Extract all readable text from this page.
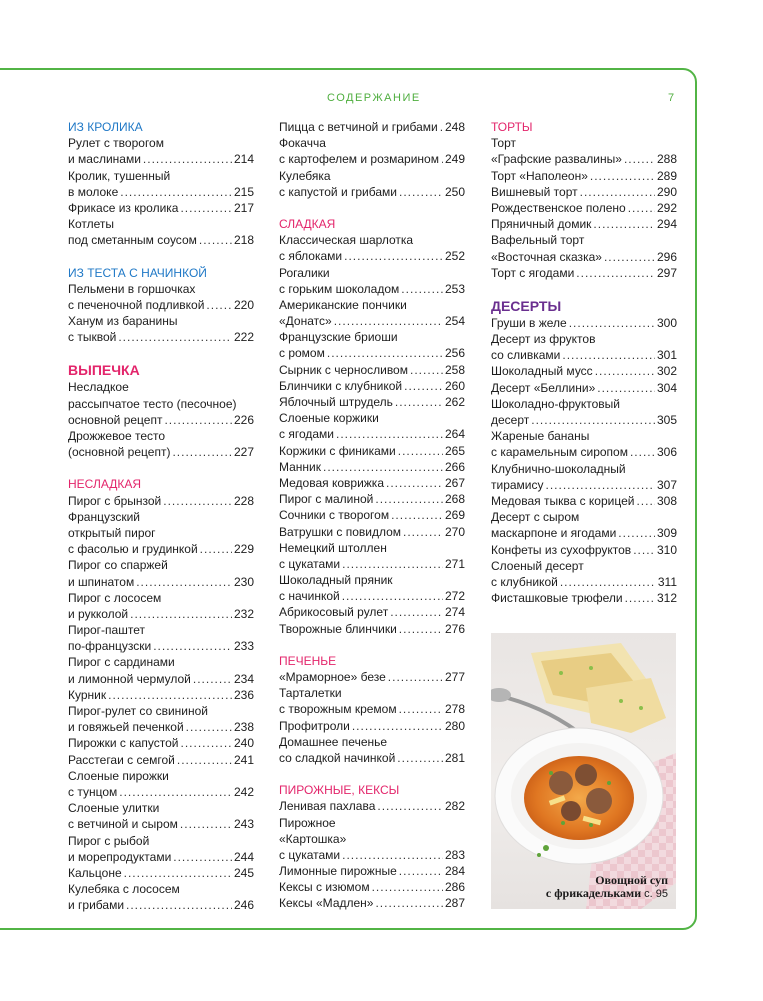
СОДЕРЖАНИЕ	7
ИЗ КРОЛИКА
Рулет с творогом
и маслинами .....	214
Кролик, тушенный
в молоке .....	215
Фрикасе из кролика .....	217
Котлеты
под сметанным соусом .....	218
ИЗ ТЕСТА С НАЧИНКОЙ
Пельмени в горшочках
с печеночной подливкой ..... 220
Ханум из баранины
с тыквой .....	222
ВЫПЕЧКА
Несладкое
рассыпчатое тесто (песочное)
основной рецепт .....	226
Дрожжевое тесто
(основной рецепт) .....	227
НЕСЛАДКАЯ
Пирог с брынзой .....	228
Французский
открытый пирог
с фасолью и грудинкой .....	229
Пирог со спаржей
и шпинатом .....	230
Пирог с лососем
и рукколой .....	232
Пирог-паштет
по-французски .....	233
Пирог с сардинами
и лимонной чермулой .....	234
Курник .....	236
Пирог-рулет со свининой
и говяжьей печенкой .....	238
Пирожки с капустой .....	240
Расстегаи с семгой .....	241
Слоеные пирожки
с тунцом .....	242
Слоеные улитки
с ветчиной и сыром .....	243
Пирог с рыбой
и морепродуктами .....	244
Кальцоне .....	245
Кулебяка с лососем
и грибами .....	246
Пицца с ветчиной и грибами ..... 248
Фокачча
с картофелем и розмарином ..... 249
Кулебяка
с капустой и грибами .....	250
СЛАДКАЯ
Классическая шарлотка
с яблоками .....	252
Рогалики
с горьким шоколадом .....	253
Американские пончики
«Донатс» .....	254
Французские бриоши
с ромом .....	256
Сырник с черносливом .....	258
Блинчики с клубникой .....	260
Яблочный штрудель .....	262
Слоеные коржики
с ягодами .....	264
Коржики с финиками .....	265
Манник .....	266
Медовая коврижка .....	267
Пирог с малиной .....	268
Сочники с творогом .....	269
Ватрушки с повидлом .....	270
Немецкий штоллен
с цукатами .....	271
Шоколадный пряник
с начинкой .....	272
Абрикосовый рулет .....	274
Творожные блинчики .....	276
ПЕЧЕНЬЕ
«Мраморное» безе .....	277
Тарталетки
с творожным кремом .....	278
Профитроли .....	280
Домашнее печенье
со сладкой начинкой .....	281
ПИРОЖНЫЕ, КЕКСЫ
Ленивая пахлава .....	282
Пирожное
«Картошка»
с цукатами .....	283
Лимонные пирожные .....	284
Кексы с изюмом .....	286
Кексы «Мадлен» .....	287
ТОРТЫ
Торт
«Графские развалины» .....	288
Торт «Наполеон» .....	289
Вишневый торт .....	290
Рождественское полено .....	292
Пряничный домик .....	294
Вафельный торт
«Восточная сказка» .....	296
Торт с ягодами .....	297
ДЕСЕРТЫ
Груши в желе .....	300
Десерт из фруктов
со сливками .....	301
Шоколадный мусс .....	302
Десерт «Беллини» .....	304
Шоколадно-фруктовый
десерт .....	305
Жареные бананы
с карамельным сиропом ..... 306
Клубнично-шоколадный
тирамису .....	307
Медовая тыква с корицей ..... 308
Десерт с сыром
маскарпоне и ягодами .....	309
Конфеты из сухофруктов ..... 310
Слоеный десерт
с клубникой .....	311
Фисташковые трюфели .....	312
Овощной суп
с фрикадельками с. 95
